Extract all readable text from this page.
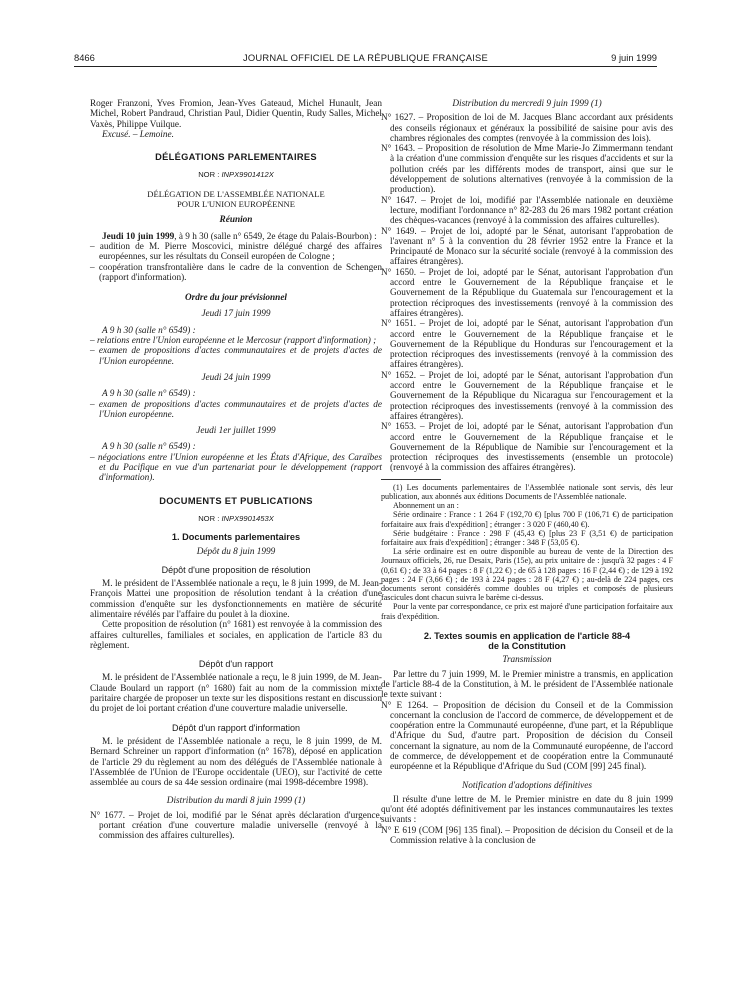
8466	JOURNAL OFFICIEL DE LA RÉPUBLIQUE FRANÇAISE	9 juin 1999

Roger Franzoni, Yves Fromion, Jean-Yves Gateaud, Michel Hunault, Jean Michel, Robert Pandraud, Christian Paul, Didier Quentin, Rudy Salles, Michel Vaxès, Philippe Vuilque.

Excusé. – Lemoine.

DÉLÉGATIONS PARLEMENTAIRES

NOR : INPX9901412X

DÉLÉGATION DE L'ASSEMBLÉE NATIONALE

POUR L'UNION EUROPÉENNE

Réunion

Jeudi 10 juin 1999, à 9 h 30 (salle n° 6549, 2e étage du Palais-Bourbon) :

– audition de M. Pierre Moscovici, ministre délégué chargé des affaires européennes, sur les résultats du Conseil européen de Cologne ;

– coopération transfrontalière dans le cadre de la convention de Schengen (rapport d'information).

Ordre du jour prévisionnel

Jeudi 17 juin 1999

A 9 h 30 (salle n° 6549) :

– relations entre l'Union européenne et le Mercosur (rapport d'information) ;

– examen de propositions d'actes communautaires et de projets d'actes de l'Union européenne.

Jeudi 24 juin 1999

A 9 h 30 (salle n° 6549) :

– examen de propositions d'actes communautaires et de projets d'actes de l'Union européenne.

Jeudi 1er juillet 1999

A 9 h 30 (salle n° 6549) :

– négociations entre l'Union européenne et les États d'Afrique, des Caraïbes et du Pacifique en vue d'un partenariat pour le développement (rapport d'information).

DOCUMENTS ET PUBLICATIONS

NOR : INPX9901453X

1. Documents parlementaires

Dépôt du 8 juin 1999

Dépôt d'une proposition de résolution

M. le président de l'Assemblée nationale a reçu, le 8 juin 1999, de M. Jean-François Mattei une proposition de résolution tendant à la création d'une commission d'enquête sur les dysfonctionnements en matière de sécurité alimentaire révélés par l'affaire du poulet à la dioxine.

Cette proposition de résolution (n° 1681) est renvoyée à la commission des affaires culturelles, familiales et sociales, en application de l'article 83 du règlement.

Dépôt d'un rapport

M. le président de l'Assemblée nationale a reçu, le 8 juin 1999, de M. Jean-Claude Boulard un rapport (n° 1680) fait au nom de la commission mixte paritaire chargée de proposer un texte sur les dispositions restant en discussion du projet de loi portant création d'une couverture maladie universelle.

Dépôt d'un rapport d'information

M. le président de l'Assemblée nationale a reçu, le 8 juin 1999, de M. Bernard Schreiner un rapport d'information (n° 1678), déposé en application de l'article 29 du règlement au nom des délégués de l'Assemblée nationale à l'Assemblée de l'Union de l'Europe occidentale (UEO), sur l'activité de cette assemblée au cours de sa 44e session ordinaire (mai 1998-décembre 1998).

Distribution du mardi 8 juin 1999 (1)

N° 1677. – Projet de loi, modifié par le Sénat après déclaration d'urgence, portant création d'une couverture maladie universelle (renvoyé à la commission des affaires culturelles).

Distribution du mercredi 9 juin 1999 (1)

N° 1627. – Proposition de loi de M. Jacques Blanc accordant aux présidents des conseils régionaux et généraux la possibilité de saisine pour avis des chambres régionales des comptes (renvoyée à la commission des lois).

N° 1643. – Proposition de résolution de Mme Marie-Jo Zimmermann tendant à la création d'une commission d'enquête sur les risques d'accidents et sur la pollution créés par les différents modes de transport, ainsi que sur le développement de solutions alternatives (renvoyée à la commission de la production).

N° 1647. – Projet de loi, modifié par l'Assemblée nationale en deuxième lecture, modifiant l'ordonnance n° 82-283 du 26 mars 1982 portant création des chèques-vacances (renvoyé à la commission des affaires culturelles).

N° 1649. – Projet de loi, adopté par le Sénat, autorisant l'approbation de l'avenant n° 5 à la convention du 28 février 1952 entre la France et la Principauté de Monaco sur la sécurité sociale (renvoyé à la commission des affaires étrangères).

N° 1650. – Projet de loi, adopté par le Sénat, autorisant l'approbation d'un accord entre le Gouvernement de la République française et le Gouvernement de la République du Guatemala sur l'encouragement et la protection réciproques des investissements (renvoyé à la commission des affaires étrangères).

N° 1651. – Projet de loi, adopté par le Sénat, autorisant l'approbation d'un accord entre le Gouvernement de la République française et le Gouvernement de la République du Honduras sur l'encouragement et la protection réciproques des investissements (renvoyé à la commission des affaires étrangères).

N° 1652. – Projet de loi, adopté par le Sénat, autorisant l'approbation d'un accord entre le Gouvernement de la République française et le Gouvernement de la République du Nicaragua sur l'encouragement et la protection réciproques des investissements (renvoyé à la commission des affaires étrangères).

N° 1653. – Projet de loi, adopté par le Sénat, autorisant l'approbation d'un accord entre le Gouvernement de la République française et le Gouvernement de la République de Namibie sur l'encouragement et la protection réciproques des investissements (ensemble un protocole) (renvoyé à la commission des affaires étrangères).

(1) Les documents parlementaires de l'Assemblée nationale sont servis, dès leur publication, aux abonnés aux éditions Documents de l'Assemblée nationale.

Abonnement un an :

Série ordinaire : France : 1 264 F (192,70 €) [plus 700 F (106,71 €) de participation forfaitaire aux frais d'expédition] ; étranger : 3 020 F (460,40 €).

Série budgétaire : France : 298 F (45,43 €) [plus 23 F (3,51 €) de participation forfaitaire aux frais d'expédition] ; étranger : 348 F (53,05 €).

La série ordinaire est en outre disponible au bureau de vente de la Direction des Journaux officiels, 26, rue Desaix, Paris (15e), au prix unitaire de : jusqu'à 32 pages : 4 F (0,61 €) ; de 33 à 64 pages : 8 F (1,22 €) ; de 65 à 128 pages : 16 F (2,44 €) ; de 129 à 192 pages : 24 F (3,66 €) ; de 193 à 224 pages : 28 F (4,27 €) ; au-delà de 224 pages, ces documents seront considérés comme doubles ou triples et composés de plusieurs fascicules dont chacun suivra le barème ci-dessus.

Pour la vente par correspondance, ce prix est majoré d'une participation forfaitaire aux frais d'expédition.

2. Textes soumis en application de l'article 88-4

de la Constitution

Transmission

Par lettre du 7 juin 1999, M. le Premier ministre a transmis, en application de l'article 88-4 de la Constitution, à M. le président de l'Assemblée nationale le texte suivant :

N° E 1264. – Proposition de décision du Conseil et de la Commission concernant la conclusion de l'accord de commerce, de développement et de coopération entre la Communauté européenne, d'une part, et la République d'Afrique du Sud, d'autre part. Proposition de décision du Conseil concernant la signature, au nom de la Communauté européenne, de l'accord de commerce, de développement et de coopération entre la Communauté européenne et la République d'Afrique du Sud (COM [99] 245 final).

Notification d'adoptions définitives

Il résulte d'une lettre de M. le Premier ministre en date du 8 juin 1999 qu'ont été adoptés définitivement par les instances communautaires les textes suivants :

N° E 619 (COM [96] 135 final). – Proposition de décision du Conseil et de la Commission relative à la conclusion de
